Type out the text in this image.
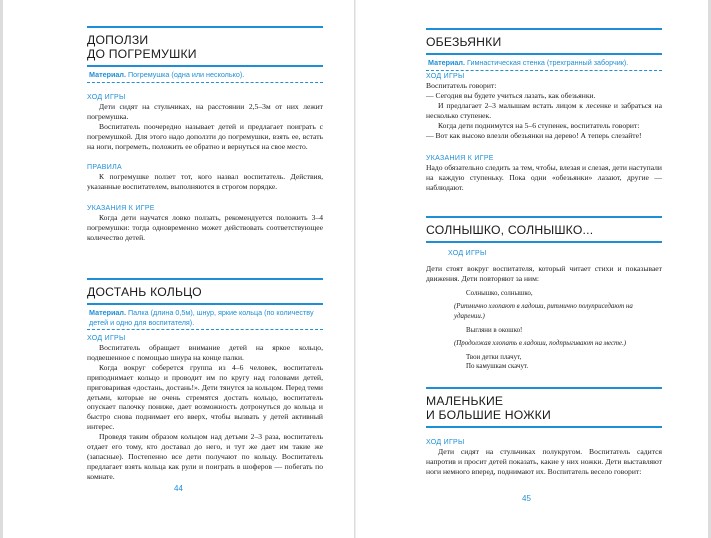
ДОПОЛЗИ
ДО ПОГРЕМУШКИ
Материал. Погремушка (одна или несколько).
ХОД ИГРЫ

Дети сидят на стульчиках, на расстоянии 2,5–3м от них лежит погремушка.

Воспитатель поочередно называет детей и предлагает поиграть с погремушкой. Для этого надо доползти до погремушки, взять ее, встать на ноги, погреметь, положить ее обратно и вернуться на свое место.

ПРАВИЛА

К погремушке ползет тот, кого назвал воспитатель. Действия, указанные воспитателем, выполняются в строгом порядке.

УКАЗАНИЯ К ИГРЕ

Когда дети научатся ловко ползать, рекомендуется положить 3–4 погремушки: тогда одновременно может действовать соответствующее количество детей.

ДОСТАНЬ КОЛЬЦО
Материал. Палка (длина 0,5м), шнур, яркие кольца (по количеству детей и одно для воспитателя).
ХОД ИГРЫ

Воспитатель обращает внимание детей на яркое кольцо, подвешенное с помощью шнура на конце палки.

Когда вокруг соберется группа из 4–6 человек, воспитатель приподнимает кольцо и проводит им по кругу над головами детей, приговаривая «достань, достань!». Дети тянутся за кольцом. Перед теми детьми, которые не очень стремятся достать кольцо, воспитатель опускает палочку пониже, дает возможность дотронуться до кольца и быстро снова поднимает его вверх, чтобы вызвать у детей активный интерес.

Проведя таким образом кольцом над детьми 2–3 раза, воспитатель отдает его тому, кто доставал до него, и тут же дает им такие же (запасные). Постепенно все дети получают по кольцу. Воспитатель предлагает взять кольца как рули и поиграть в шоферов — побегать по комнате.

44
ОБЕЗЬЯНКИ
Материал. Гимнастическая стенка (трехгранный заборчик).
ХОД ИГРЫ

Воспитатель говорит:

— Сегодня вы будете учиться лазать, как обезьянки.

И предлагает 2–3 малышам встать лицом к лесенке и забраться на несколько ступенек.

Когда дети поднимутся на 5–6 ступенек, воспитатель говорит:

— Вот как высоко влезли обезьянки на дерево! А теперь слезайте!

УКАЗАНИЯ К ИГРЕ

Надо обязательно следить за тем, чтобы, влезая и слезая, дети наступали на каждую ступеньку. Пока одни «обезьянки» лазают, другие — наблюдают.

СОЛНЫШКО, СОЛНЫШКО...
ХОД ИГРЫ

Дети стоят вокруг воспитателя, который читает стихи и показывает движения. Дети повторяют за ним:

Солнышко, солнышко,
(Ритмично хлопают в ладоши, ритмично полуприседают на ударении.)
Выгляни в окошко!
(Продолжая хлопать в ладоши, подпрыгивают на месте.)
Твои детки плачут,
По камушкам скачут.
МАЛЕНЬКИЕ
И БОЛЬШИЕ НОЖКИ
ХОД ИГРЫ

Дети сидят на стульчиках полукругом. Воспитатель садится напротив и просит детей показать, какие у них ножки. Дети выставляют ноги немного вперед, поднимают их. Воспитатель весело говорит:

45
